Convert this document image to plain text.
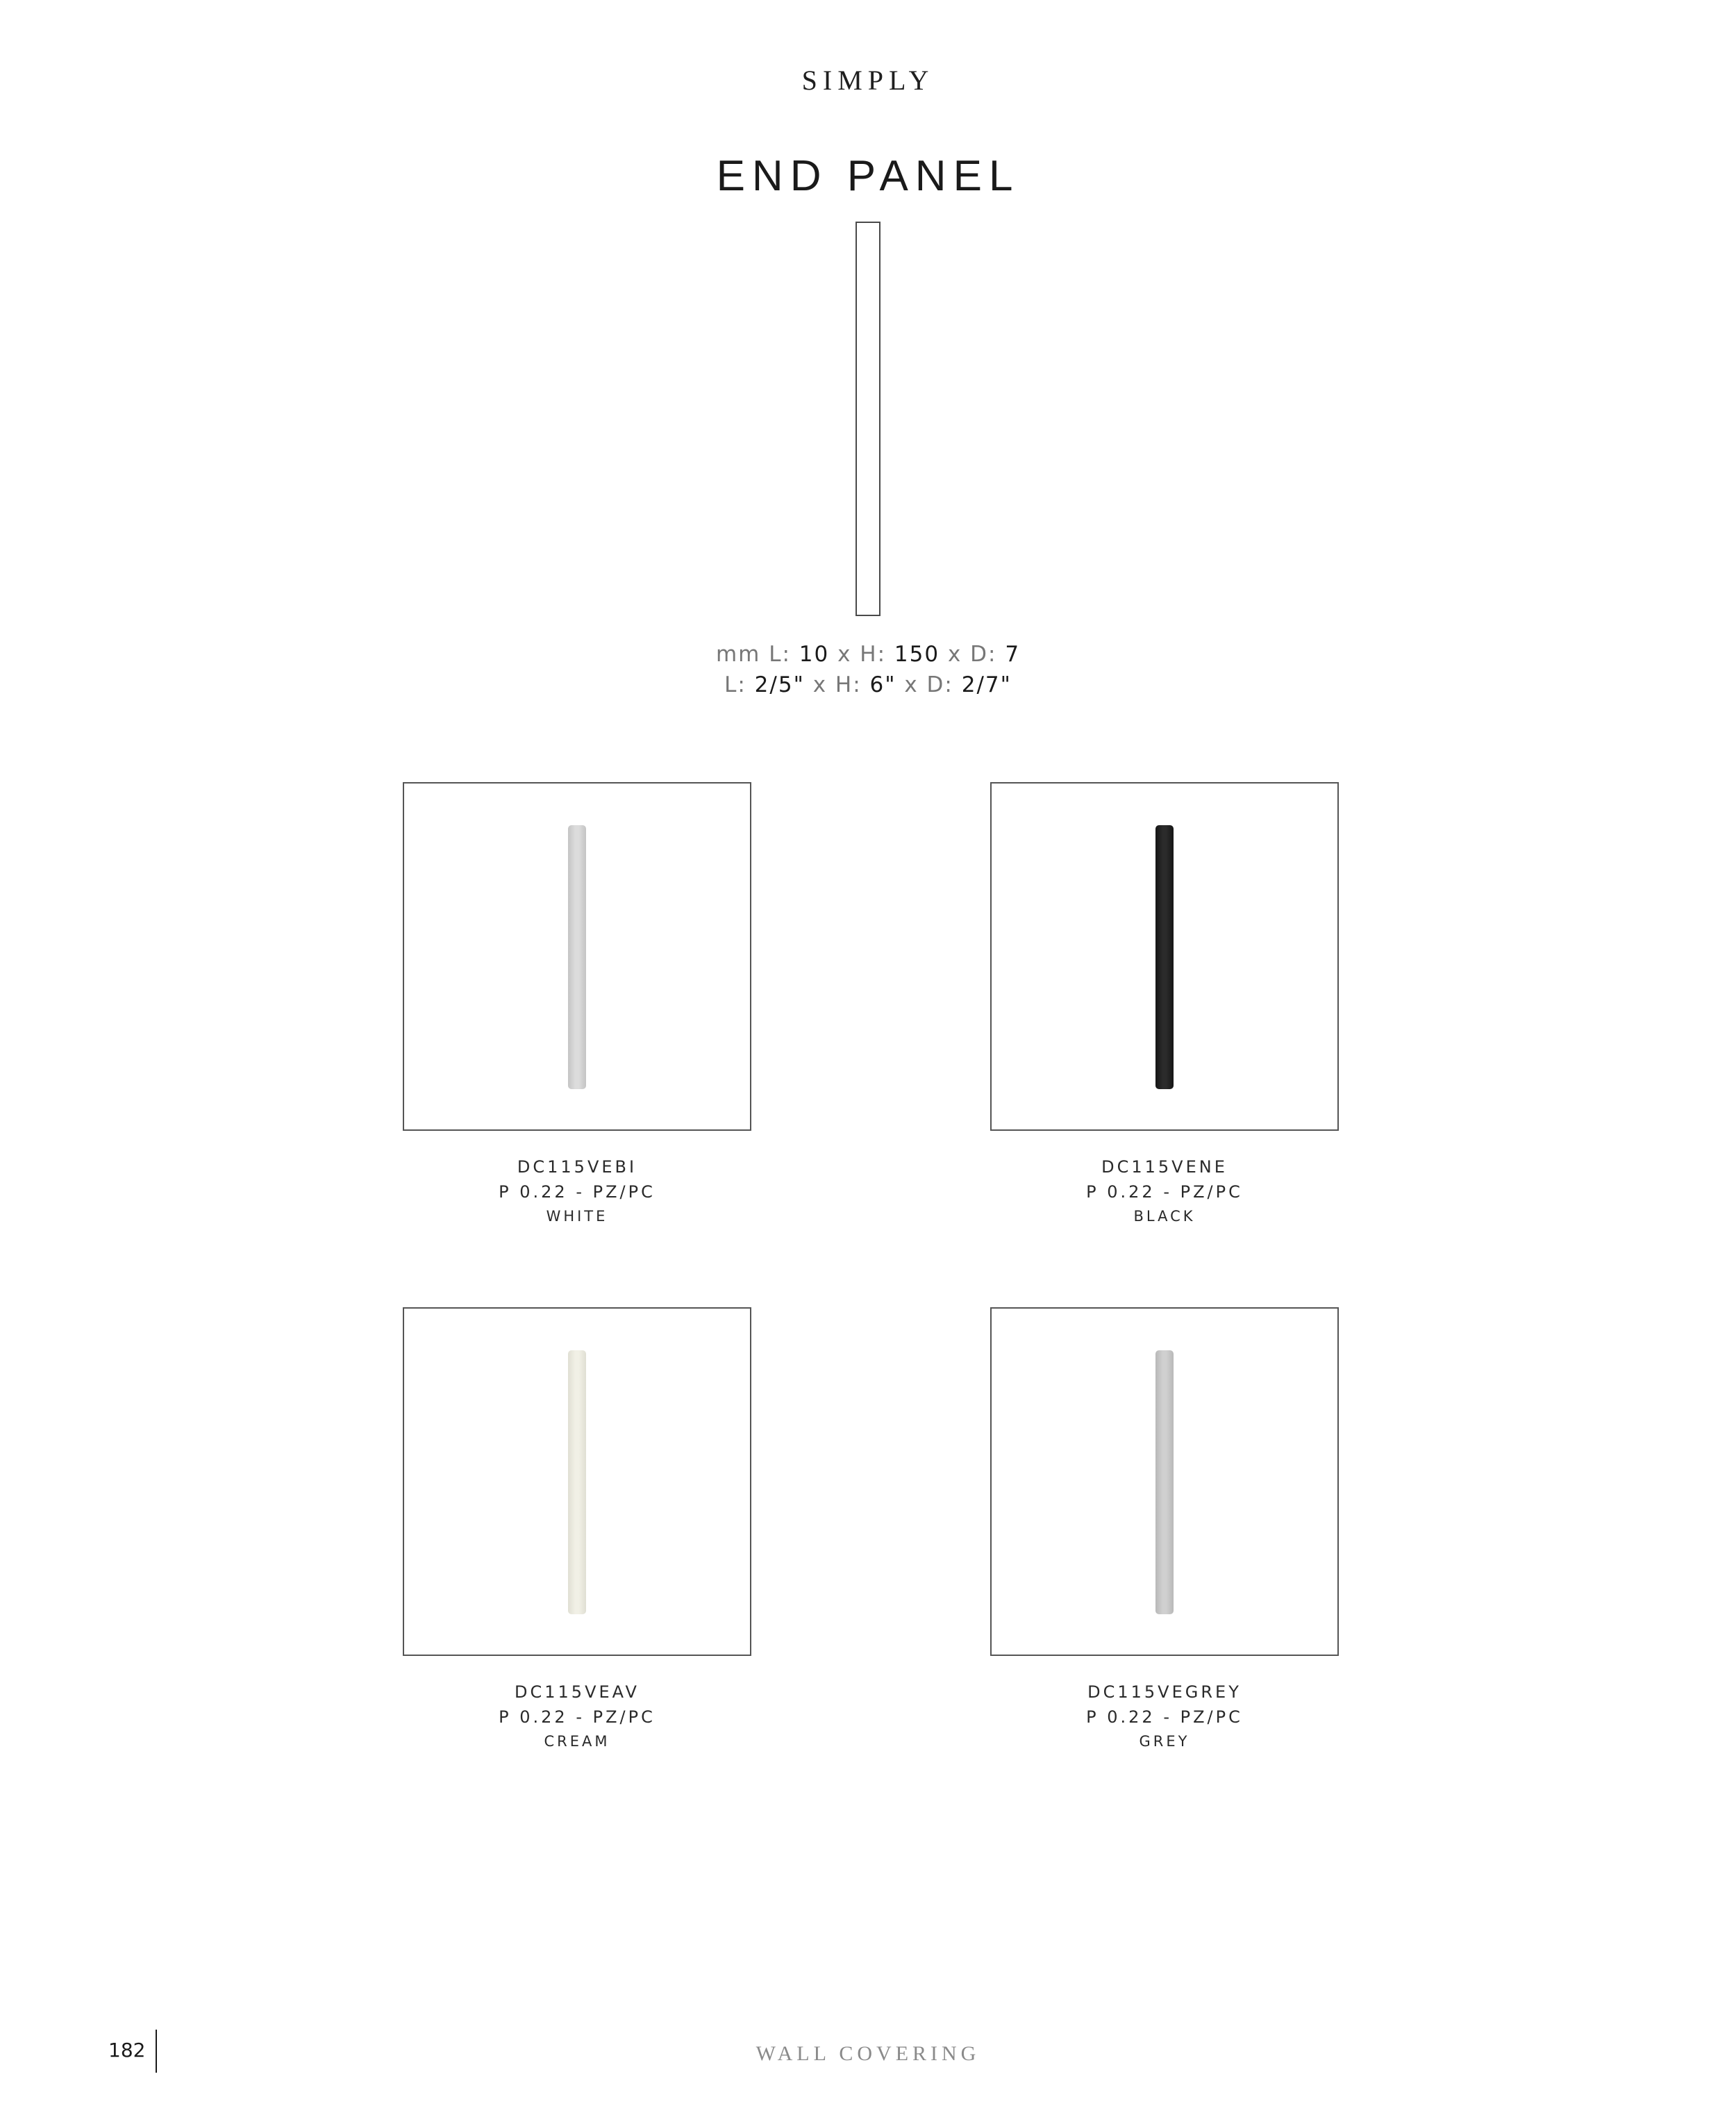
SIMPLY
END PANEL
mm L: 10 x H: 150 x D: 7
L: 2/5" x H: 6" x D: 2/7"
DC115VEBI
P 0.22 - PZ/PC
WHITE
DC115VENE
P 0.22 - PZ/PC
BLACK
DC115VEAV
P 0.22 - PZ/PC
CREAM
DC115VEGREY
P 0.22 - PZ/PC
GREY
182	WALL COVERING
